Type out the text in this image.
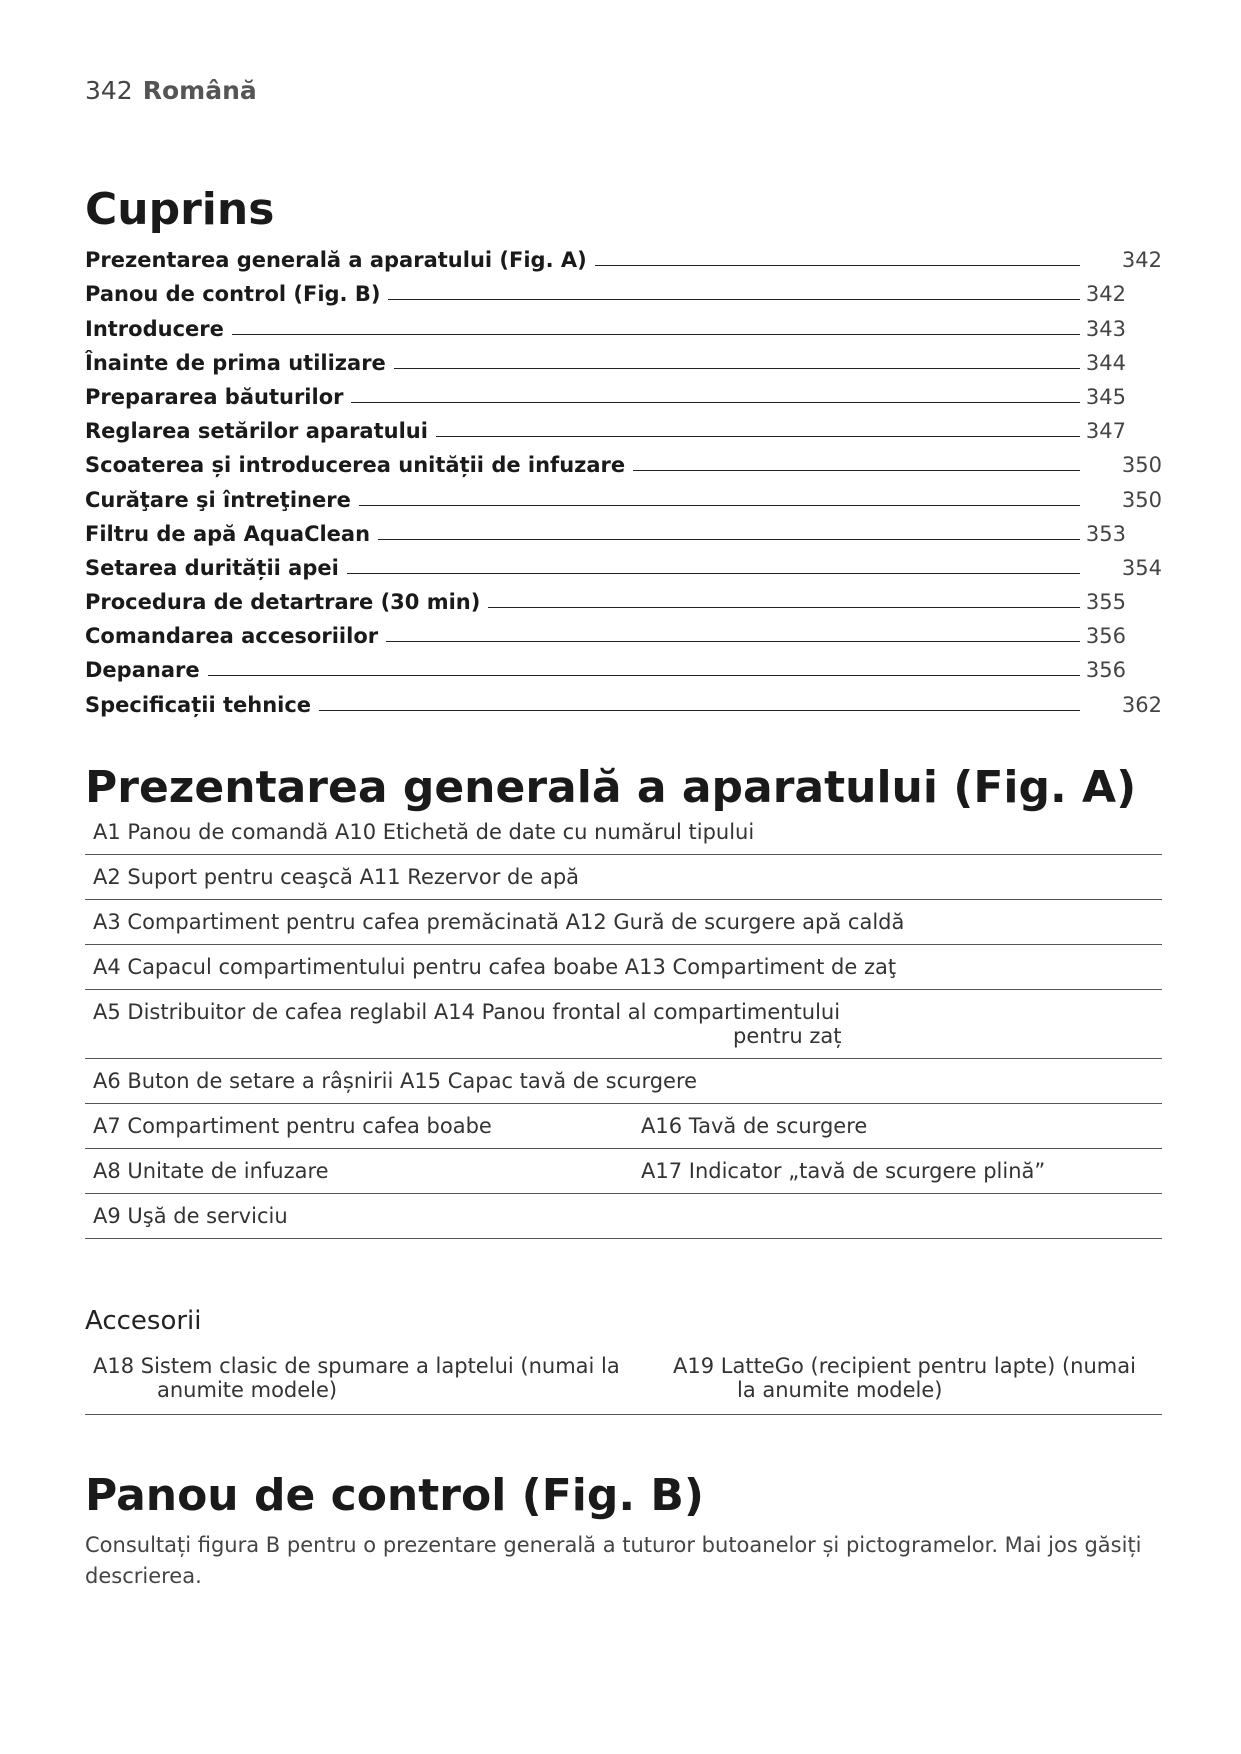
342 Română
Cuprins
Prezentarea generală a aparatului (Fig. A)	342
Panou de control (Fig. B)	342
Introducere	343
Înainte de prima utilizare	344
Prepararea băuturilor	345
Reglarea setărilor aparatului	347
Scoaterea și introducerea unității de infuzare	350
Curăţare şi întreţinere	350
Filtru de apă AquaClean	353
Setarea durității apei	354
Procedura de detartrare (30 min)	355
Comandarea accesoriilor	356
Depanare	356
Specificații tehnice	362
Prezentarea generală a aparatului (Fig. A)
A1 Panou de comandă A10 Etichetă de date cu numărul tipului
A2 Suport pentru ceaşcă A11 Rezervor de apă
A3 Compartiment pentru cafea premăcinată A12 Gură de scurgere apă caldă
A4 Capacul compartimentului pentru cafea boabe A13 Compartiment de zaţ
A5 Distribuitor de cafea reglabil A14 Panou frontal al compartimentului
pentru zaț
A6 Buton de setare a râșnirii A15 Capac tavă de scurgere
A7 Compartiment pentru cafea boabe	A16 Tavă de scurgere
A8 Unitate de infuzare	A17 Indicator „tavă de scurgere plină”
A9 Uşă de serviciu
Accesorii
A18 Sistem clasic de spumare a laptelui (numai la
anumite modele)
A19 LatteGo (recipient pentru lapte) (numai
la anumite modele)
Panou de control (Fig. B)
Consultați figura B pentru o prezentare generală a tuturor butoanelor și pictogramelor. Mai jos găsiți descrierea.
